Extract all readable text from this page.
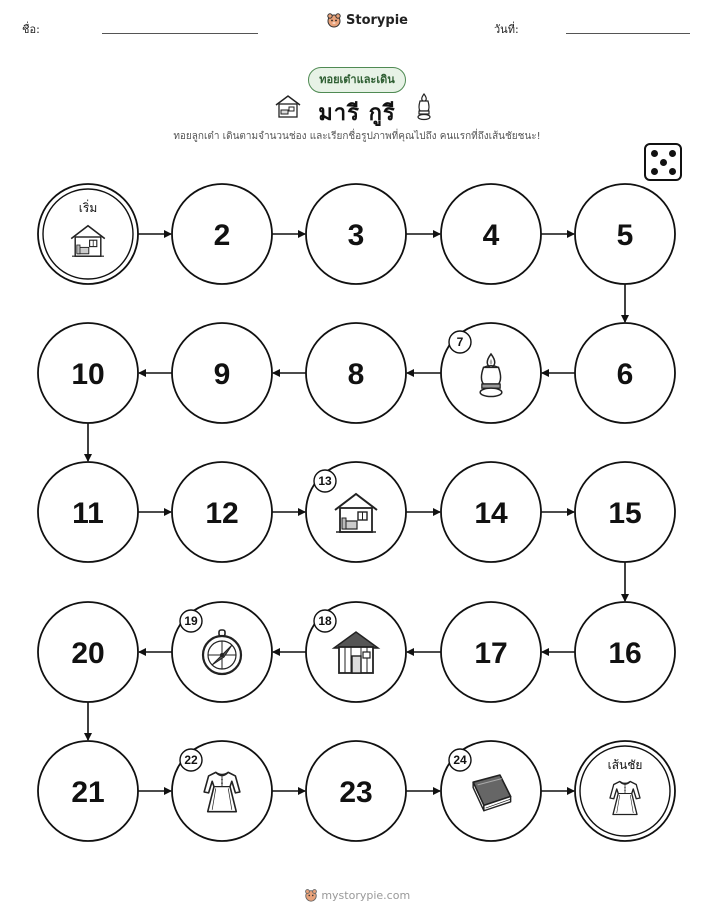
ชื่อ:
Storypie
วันที่:
ทอยเต๋าและเดิน
มารี กูรี
ทอยลูกเต๋า เดินตามจำนวนช่อง และเรียกชื่อรูปภาพที่คุณไปถึง คนแรกที่ถึงเส้นชัยชนะ!
เริ่ม
2	3	4	5
6
7
8
9
10
11	12
13
14	15
16
17
18
19
20
21
22
23
24	เส้นชัย
mystorypie.com
